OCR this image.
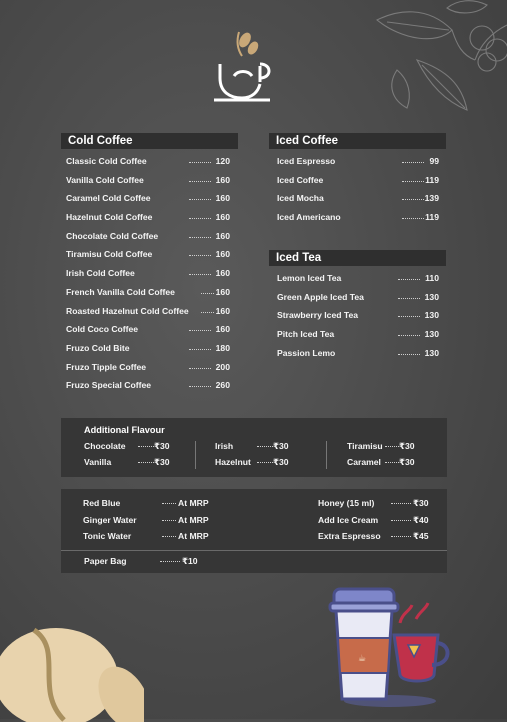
Cold Coffee
Classic Cold Coffee	120
Vanilla Cold Coffee	160
Caramel Cold Coffee	160
Hazelnut Cold Coffee	160
Chocolate Cold Coffee	160
Tiramisu Cold Coffee	160
Irish Cold Coffee	160
French Vanilla Cold Coffee	160
Roasted Hazelnut Cold Coffee	160
Cold Coco Coffee	160
Fruzo Cold Bite	180
Fruzo Tipple Coffee	200
Fruzo Special Coffee	260
Iced Coffee
Iced Espresso	99
Iced Coffee	119
Iced Mocha	139
Iced Americano	119
Iced Tea
Lemon Iced Tea	110
Green Apple Iced Tea	130
Strawberry Iced Tea	130
Pitch Iced Tea	130
Passion Lemo	130
Additional Flavour
Chocolate	₹30
Vanilla	₹30
Irish	₹30
Hazelnut	₹30
Tiramisu ₹30
Caramel ₹30
Red Blue	At MRP
Ginger Water	At MRP
Tonic Water	At MRP
Honey (15 ml)	₹30
Add Ice Cream	₹40
Extra Espresso	₹45
Paper Bag	₹10
☕
